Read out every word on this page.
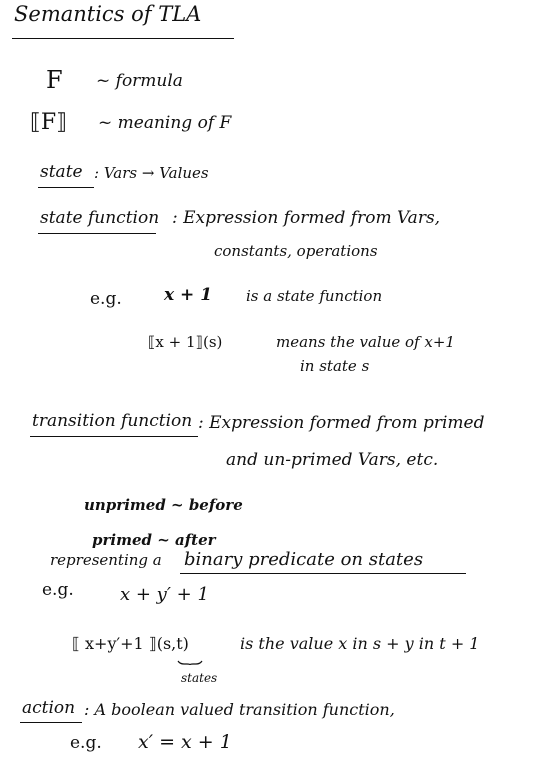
Semantics of TLA
F ~ formula
⟦F⟧ ~ meaning of F
state : Vars → Values
state function : Expression formed from Vars,
constants, operations
e.g. x + 1 is a state function
⟦x + 1⟧(s)	means the value of x+1
in state s
transition function : Expression formed from primed
and un-primed Vars, etc.
unprimed ~ before
primed ~ after
representing a binary predicate on states
e.g.	x + y′ + 1
⟦ x+y′+1 ⟧(s,t)	is the value x in s + y in t + 1
states
action : A boolean valued transition function,
e.g. x′ = x + 1
